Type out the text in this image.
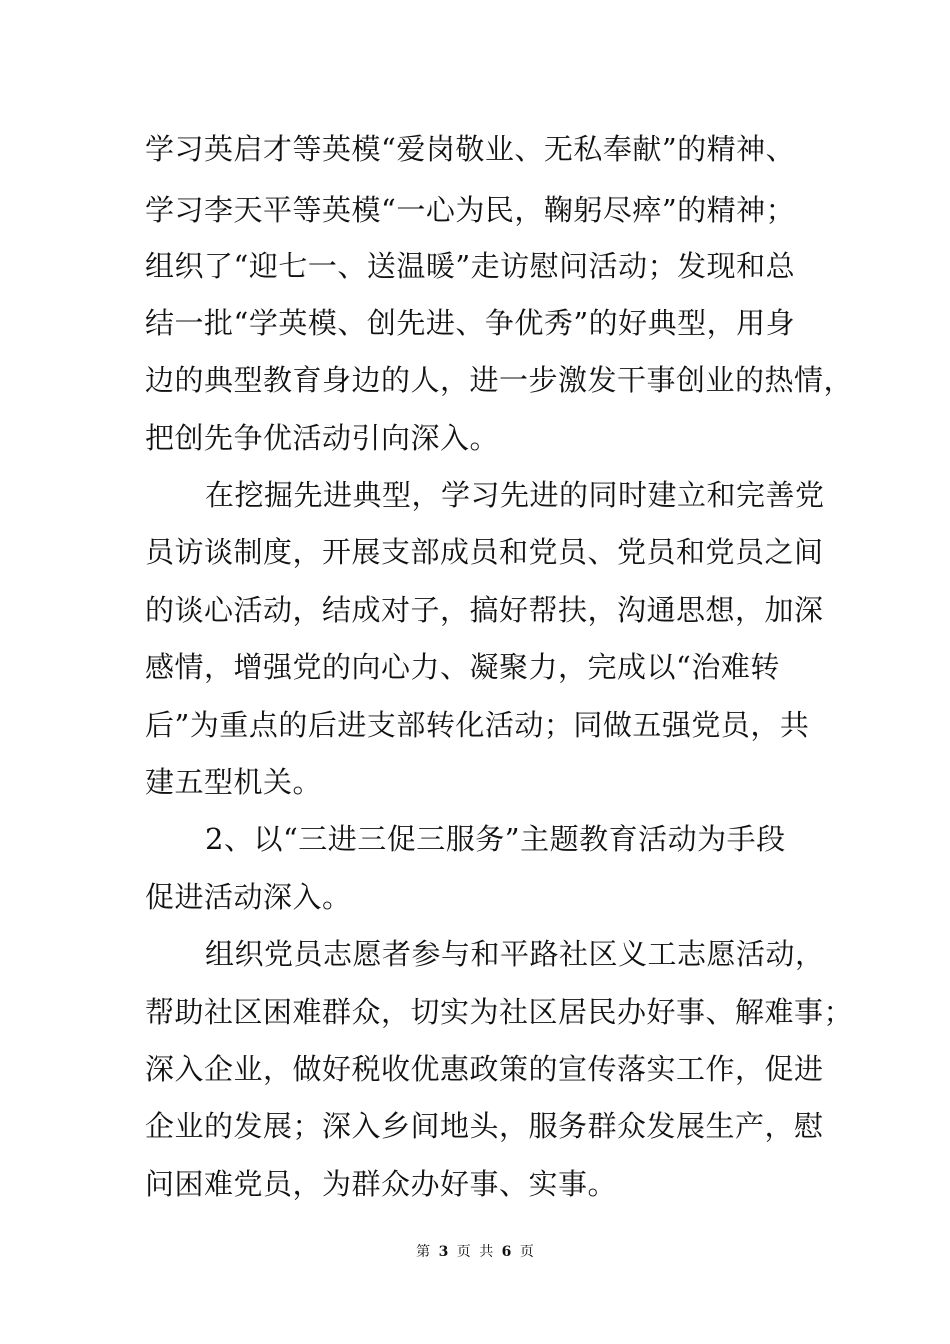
学习英启才等英模“爱岗敬业、无私奉献”的精神、
学习李天平等英模“一心为民，鞠躬尽瘁”的精神；
组织了“迎七一、送温暖”走访慰问活动；发现和总
结一批“学英模、创先进、争优秀”的好典型，用身
边的典型教育身边的人，进一步激发干事创业的热情，
把创先争优活动引向深入。
在挖掘先进典型，学习先进的同时建立和完善党
员访谈制度，开展支部成员和党员、党员和党员之间
的谈心活动，结成对子，搞好帮扶，沟通思想，加深
感情，增强党的向心力、凝聚力，完成以“治难转
后”为重点的后进支部转化活动；同做五强党员，共
建五型机关。
2、以“三进三促三服务”主题教育活动为手段
促进活动深入。
组织党员志愿者参与和平路社区义工志愿活动，
帮助社区困难群众，切实为社区居民办好事、解难事；
深入企业，做好税收优惠政策的宣传落实工作，促进
企业的发展；深入乡间地头，服务群众发展生产，慰
问困难党员，为群众办好事、实事。
第 3 页 共 6 页
